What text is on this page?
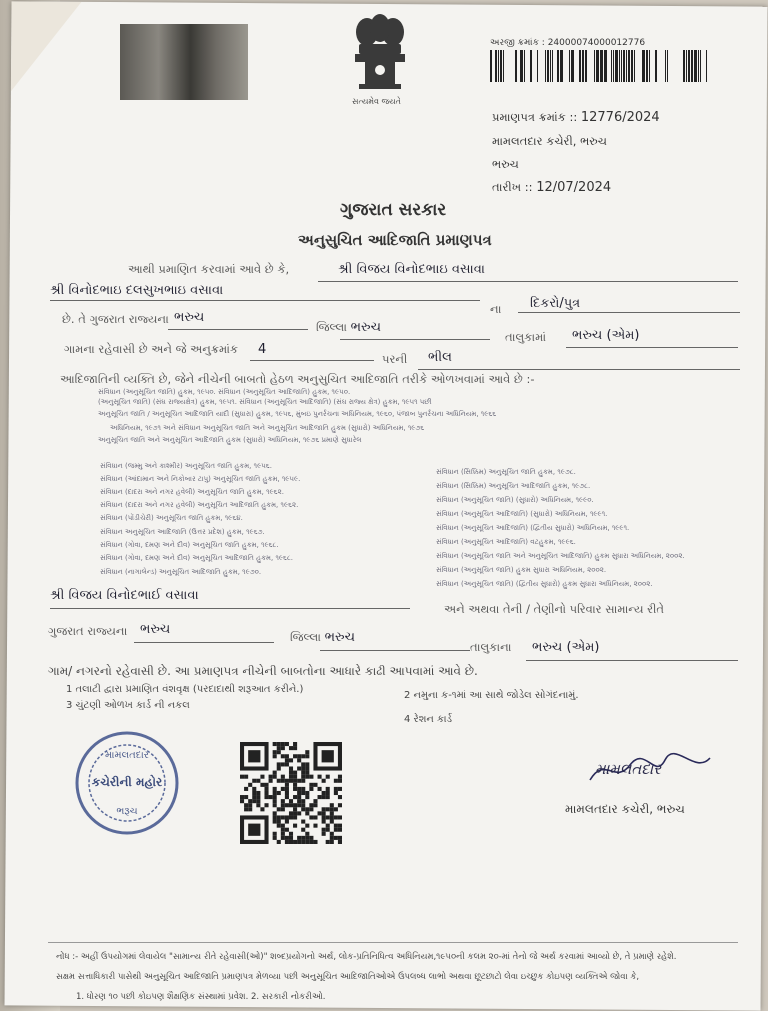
સત્યમેવ જયતે
અરજી ક્રમાંક : 24000074000012776
પ્રમાણપત્ર ક્રમાંક :: 12776/2024
મામલતદાર કચેરી, ભરુચ
ભરુચ
તારીખ :: 12/07/2024
ગુજરાત સરકાર
અનુસુચિત આદિજાતિ પ્રમાણપત્ર
આથી પ્રમાણિત કરવામાં આવે છે કે,	શ્રી વિજય વિનોદભાઇ વસાવા
શ્રી વિનોદભાઇ દલસુખભાઇ વસાવા
ના દિકરો/પુત્ર
છે. તે ગુજરાત રાજ્યના ભરુચ
જિલ્લા ભરુચ
તાલુકામાં ભરુચ (એમ)
ગામના રહેવાસી છે અને જે અનુક્રમાંક 4
પરની ભીલ
આદિજાતિની વ્યક્તિ છે, જેને નીચેની બાબતો હેઠળ અનુસુચિત આદિજાતિ તરીકે ઓળખવામાં આવે છે :-
સંવિધાન (અનુસૂચિત જાતિ) હુકમ, ૧૯૫૦. સંવિધાન (અનુસૂચિત આદિજાતિ) હુકમ, ૧૯૫૦.
(અનુસૂચિત જાતિ) (સંઘ રાજ્યક્ષેત્ર) હુકમ, ૧૯૫૧. સંવિધાન (અનુસૂચિત આદિજાતિ) (સંઘ રાજ્ય ક્ષેત્ર) હુકમ, ૧૯૫૧ પછી
અનુસૂચિત જાતિ / અનુસૂચિત આદિજાતિ યાદી (સુધારા) હુકમ, ૧૯૫૬, મુંબઇ પુનર્રચના અધિનિયમ, ૧૯૬૦, પંજાબ પુનર્રચના અધિનિયમ, ૧૯૬૬
અધિનિયમ, ૧૯૭૧ અને સંવિધાન અનુસૂચિત જાતિ અને અનુસૂચિત આદિજાતિ હુકમ (સુધારો) અધિનિયમ, ૧૯૭૬
અનુસૂચિત જાતિ અને અનુસૂચિત આદિજાતિ હુકમ (સુધારો) અધિનિયમ, ૧૯૭૬ પ્રમાણે સુધારેલ
સંવિધાન (જમ્મુ અને કાશ્મીર) અનુસૂચિત જાતિ હુકમ, ૧૯૫૬.
સંવિધાન (આંદામાન અને નિકોબાર ટાપુ) અનુસૂચિત જાતિ હુકમ, ૧૯૫૯.
સંવિધાન (દાદરા અને નગર હવેલી) અનુસૂચિત જાતિ હુકમ, ૧૯૬૨.
સંવિધાન (દાદરા અને નગર હવેલી) અનુસૂચિત આદિજાતિ હુકમ, ૧૯૬૨.
સંવિધાન (પોંડીચેરી) અનુસૂચિત જાતિ હુકમ, ૧૯૬૪.
સંવિધાન અનુસૂચિત આદિજાતિ (ઉત્તર પ્રદેશ) હુકમ, ૧૯૬૭.
સંવિધાન (ગોવા, દમણ અને દીવ) અનુસૂચિત જાતિ હુકમ, ૧૯૬૮.
સંવિધાન (ગોવા, દમણ અને દીવ) અનુસૂચિત આદિજાતિ હુકમ, ૧૯૬૮.
સંવિધાન (નાગાલેન્ડ) અનુસૂચિત આદિજાતિ હુકમ, ૧૯૭૦.
સંવિધાન (સિક્કિમ) અનુસૂચિત જાતિ હુકમ, ૧૯૭૮.
સંવિધાન (સિક્કિમ) અનુસૂચિત આદિજાતિ હુકમ, ૧૯૭૮.
સંવિધાન (અનુસૂચિત જાતિ) (સુધારો) અધિનિયમ, ૧૯૯૦.
સંવિધાન (અનુસૂચિત આદિજાતિ) (સુધારો) અધિનિયમ, ૧૯૯૧.
સંવિધાન (અનુસૂચિત આદિજાતિ) (દ્વિતીય સુધારો) અધિનિયમ, ૧૯૯૧.
સંવિધાન (અનુસૂચિત આદિજાતિ) વટહુકમ, ૧૯૯૬.
સંવિધાન (અનુસૂચિત જાતિ અને અનુસૂચિત આદિજાતિ) હુકમ સુધારા અધિનિયમ, ૨૦૦૨.
સંવિધાન (અનુસૂચિત જાતિ) હુકમ સુધારા અધિનિયમ, ૨૦૦૨.
સંવિધાન (અનુસૂચિત જાતિ) (દ્વિતીય સુધારો) હુકમ સુધારા અધિનિયમ, ૨૦૦૨.
શ્રી વિજય વિનોદભાઈ વસાવા
અને અથવા તેની / તેણીનો પરિવાર સામાન્ય રીતે
ગુજરાત રાજ્યના ભરુચ	જિલ્લા ભરુચ
તાલુકાના ભરુચ (એમ)
ગામ/ નગરનો રહેવાસી છે. આ પ્રમાણપત્ર નીચેની બાબતોના આધારે કાઢી આપવામાં આવે છે.
1 તલાટી દ્વારા પ્રમાણિત વંશવૃક્ષ (પરદાદાથી શરૂઆત કરીને.)
2 નમુના ક-૧માં આ સાથે જોડેલ સોગંદનામું.
3 ચુંટણી ઓળખ કાર્ડ ની નકલ
4 રેશન કાર્ડ
મામલતદાર
કચેરીની મહોર
ભરૂચ
મામલતદાર
મામલતદાર કચેરી, ભરુચ
નોંધ :- અહીં ઉપયોગમાં લેવાયેલ "સામાન્ય રીતે રહેવાસી(ઓ)" શબ્દપ્રયોગનો અર્થ, લોક-પ્રતિનિધિત્વ અધિનિયમ,૧૯૫૦ની કલમ ૨૦-માં તેનો જે અર્થ કરવામાં આવ્યો છે, તે પ્રમાણે રહેશે.
સક્ષમ સત્તાધિકારી પાસેથી અનુસૂચિત આદિજાતિ પ્રમાણપત્ર મેળવ્યા પછી અનુસૂચિત આદિજાતિઓએ ઉપલબ્ધ લાભો અથવા છૂટછાટો લેવા ઇચ્છુક કોઇપણ વ્યક્તિએ જોવા કે,
1. ધોરણ ૧૦ પછી કોઇપણ શૈક્ષણિક સંસ્થામાં પ્રવેશ. 2. સરકારી નોકરીઓ.
